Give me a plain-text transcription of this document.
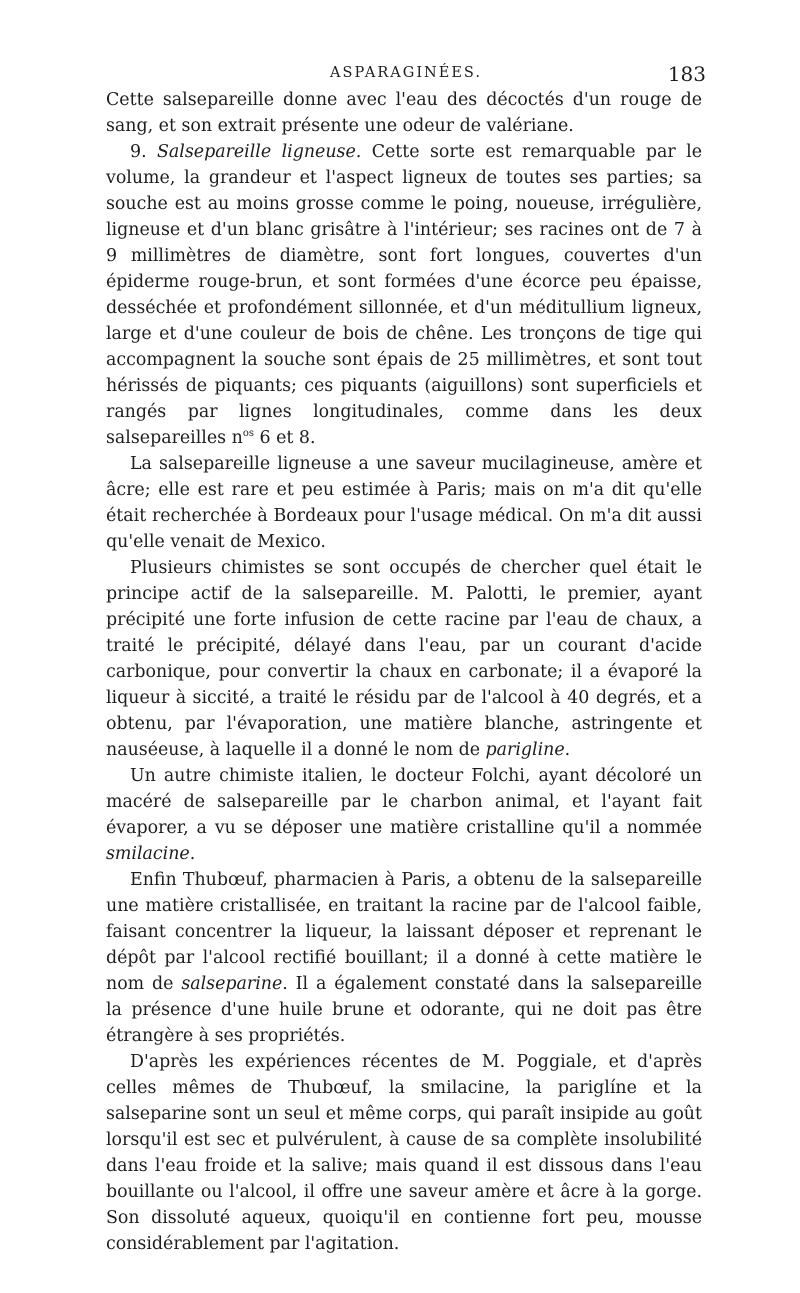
ASPARAGINÉES.	183

Cette salsepareille donne avec l'eau des décoctés d'un rouge de sang, et son extrait présente une odeur de valériane.

9. Salsepareille ligneuse. Cette sorte est remarquable par le volume, la grandeur et l'aspect ligneux de toutes ses parties; sa souche est au moins grosse comme le poing, noueuse, irrégulière, ligneuse et d'un blanc grisâtre à l'intérieur; ses racines ont de 7 à 9 millimètres de diamètre, sont fort longues, couvertes d'un épiderme rouge-brun, et sont formées d'une écorce peu épaisse, desséchée et profondément sillonnée, et d'un méditullium ligneux, large et d'une couleur de bois de chêne. Les tronçons de tige qui accompagnent la souche sont épais de 25 millimètres, et sont tout hérissés de piquants; ces piquants (aiguillons) sont superficiels et rangés par lignes longitudinales, comme dans les deux salsepareilles $n^{os}$ 6 et 8.

La salsepareille ligneuse a une saveur mucilagineuse, amère et âcre; elle est rare et peu estimée à Paris; mais on m'a dit qu'elle était recherchée à Bordeaux pour l'usage médical. On m'a dit aussi qu'elle venait de Mexico.

Plusieurs chimistes se sont occupés de chercher quel était le principe actif de la salsepareille. M. Palotti, le premier, ayant précipité une forte infusion de cette racine par l'eau de chaux, a traité le précipité, délayé dans l'eau, par un courant d'acide carbonique, pour convertir la chaux en carbonate; il a évaporé la liqueur à siccité, a traité le résidu par de l'alcool à 40 degrés, et a obtenu, par l'évaporation, une matière blanche, astringente et nauséeuse, à laquelle il a donné le nom de parigline.

Un autre chimiste italien, le docteur Folchi, ayant décoloré un macéré de salsepareille par le charbon animal, et l'ayant fait évaporer, a vu se déposer une matière cristalline qu'il a nommée smilacine.

Enfin Thubœuf, pharmacien à Paris, a obtenu de la salsepareille une matière cristallisée, en traitant la racine par de l'alcool faible, faisant concentrer la liqueur, la laissant déposer et reprenant le dépôt par l'alcool rectifié bouillant; il a donné à cette matière le nom de salseparine. Il a également constaté dans la salsepareille la présence d'une huile brune et odorante, qui ne doit pas être étrangère à ses propriétés.

D'après les expériences récentes de M. Poggiale, et d'après celles mêmes de Thubœuf, la smilacine, la pariglíne et la salseparine sont un seul et même corps, qui paraît insipide au goût lorsqu'il est sec et pulvérulent, à cause de sa complète insolubilité dans l'eau froide et la salive; mais quand il est dissous dans l'eau bouillante ou l'alcool, il offre une saveur amère et âcre à la gorge. Son dissoluté aqueux, quoiqu'il en contienne fort peu, mousse considérablement par l'agitation.
